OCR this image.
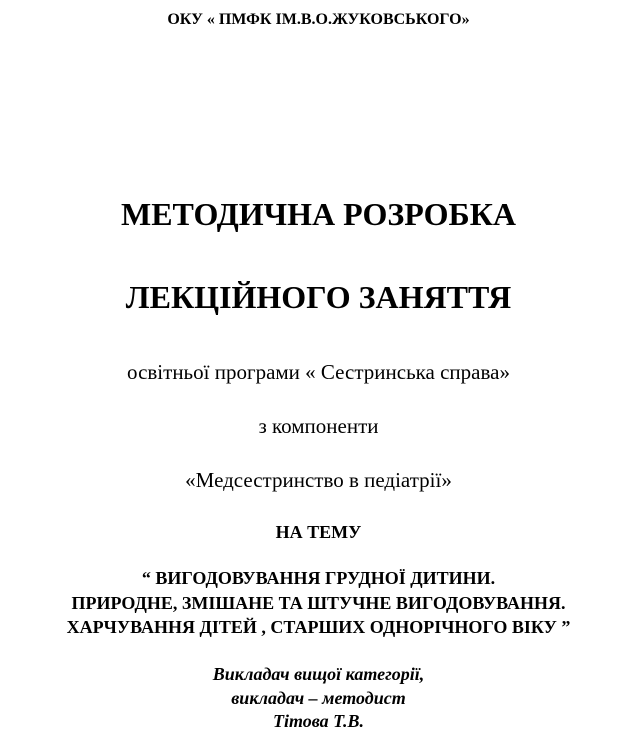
ОКУ « ПМФК ІМ.В.О.ЖУКОВСЬКОГО»
МЕТОДИЧНА РОЗРОБКА
ЛЕКЦІЙНОГО ЗАНЯТТЯ
освітньої програми « Сестринська справа»
з компоненти
«Медсестринство в педіатрії»
НА ТЕМУ
“ ВИГОДОВУВАННЯ ГРУДНОЇ ДИТИНИ.
ПРИРОДНЕ, ЗМІШАНЕ ТА ШТУЧНЕ ВИГОДОВУВАННЯ.
ХАРЧУВАННЯ ДІТЕЙ , СТАРШИХ ОДНОРІЧНОГО ВІКУ ”
Викладач вищої категорії,
викладач – методист
Тітова Т.В.
